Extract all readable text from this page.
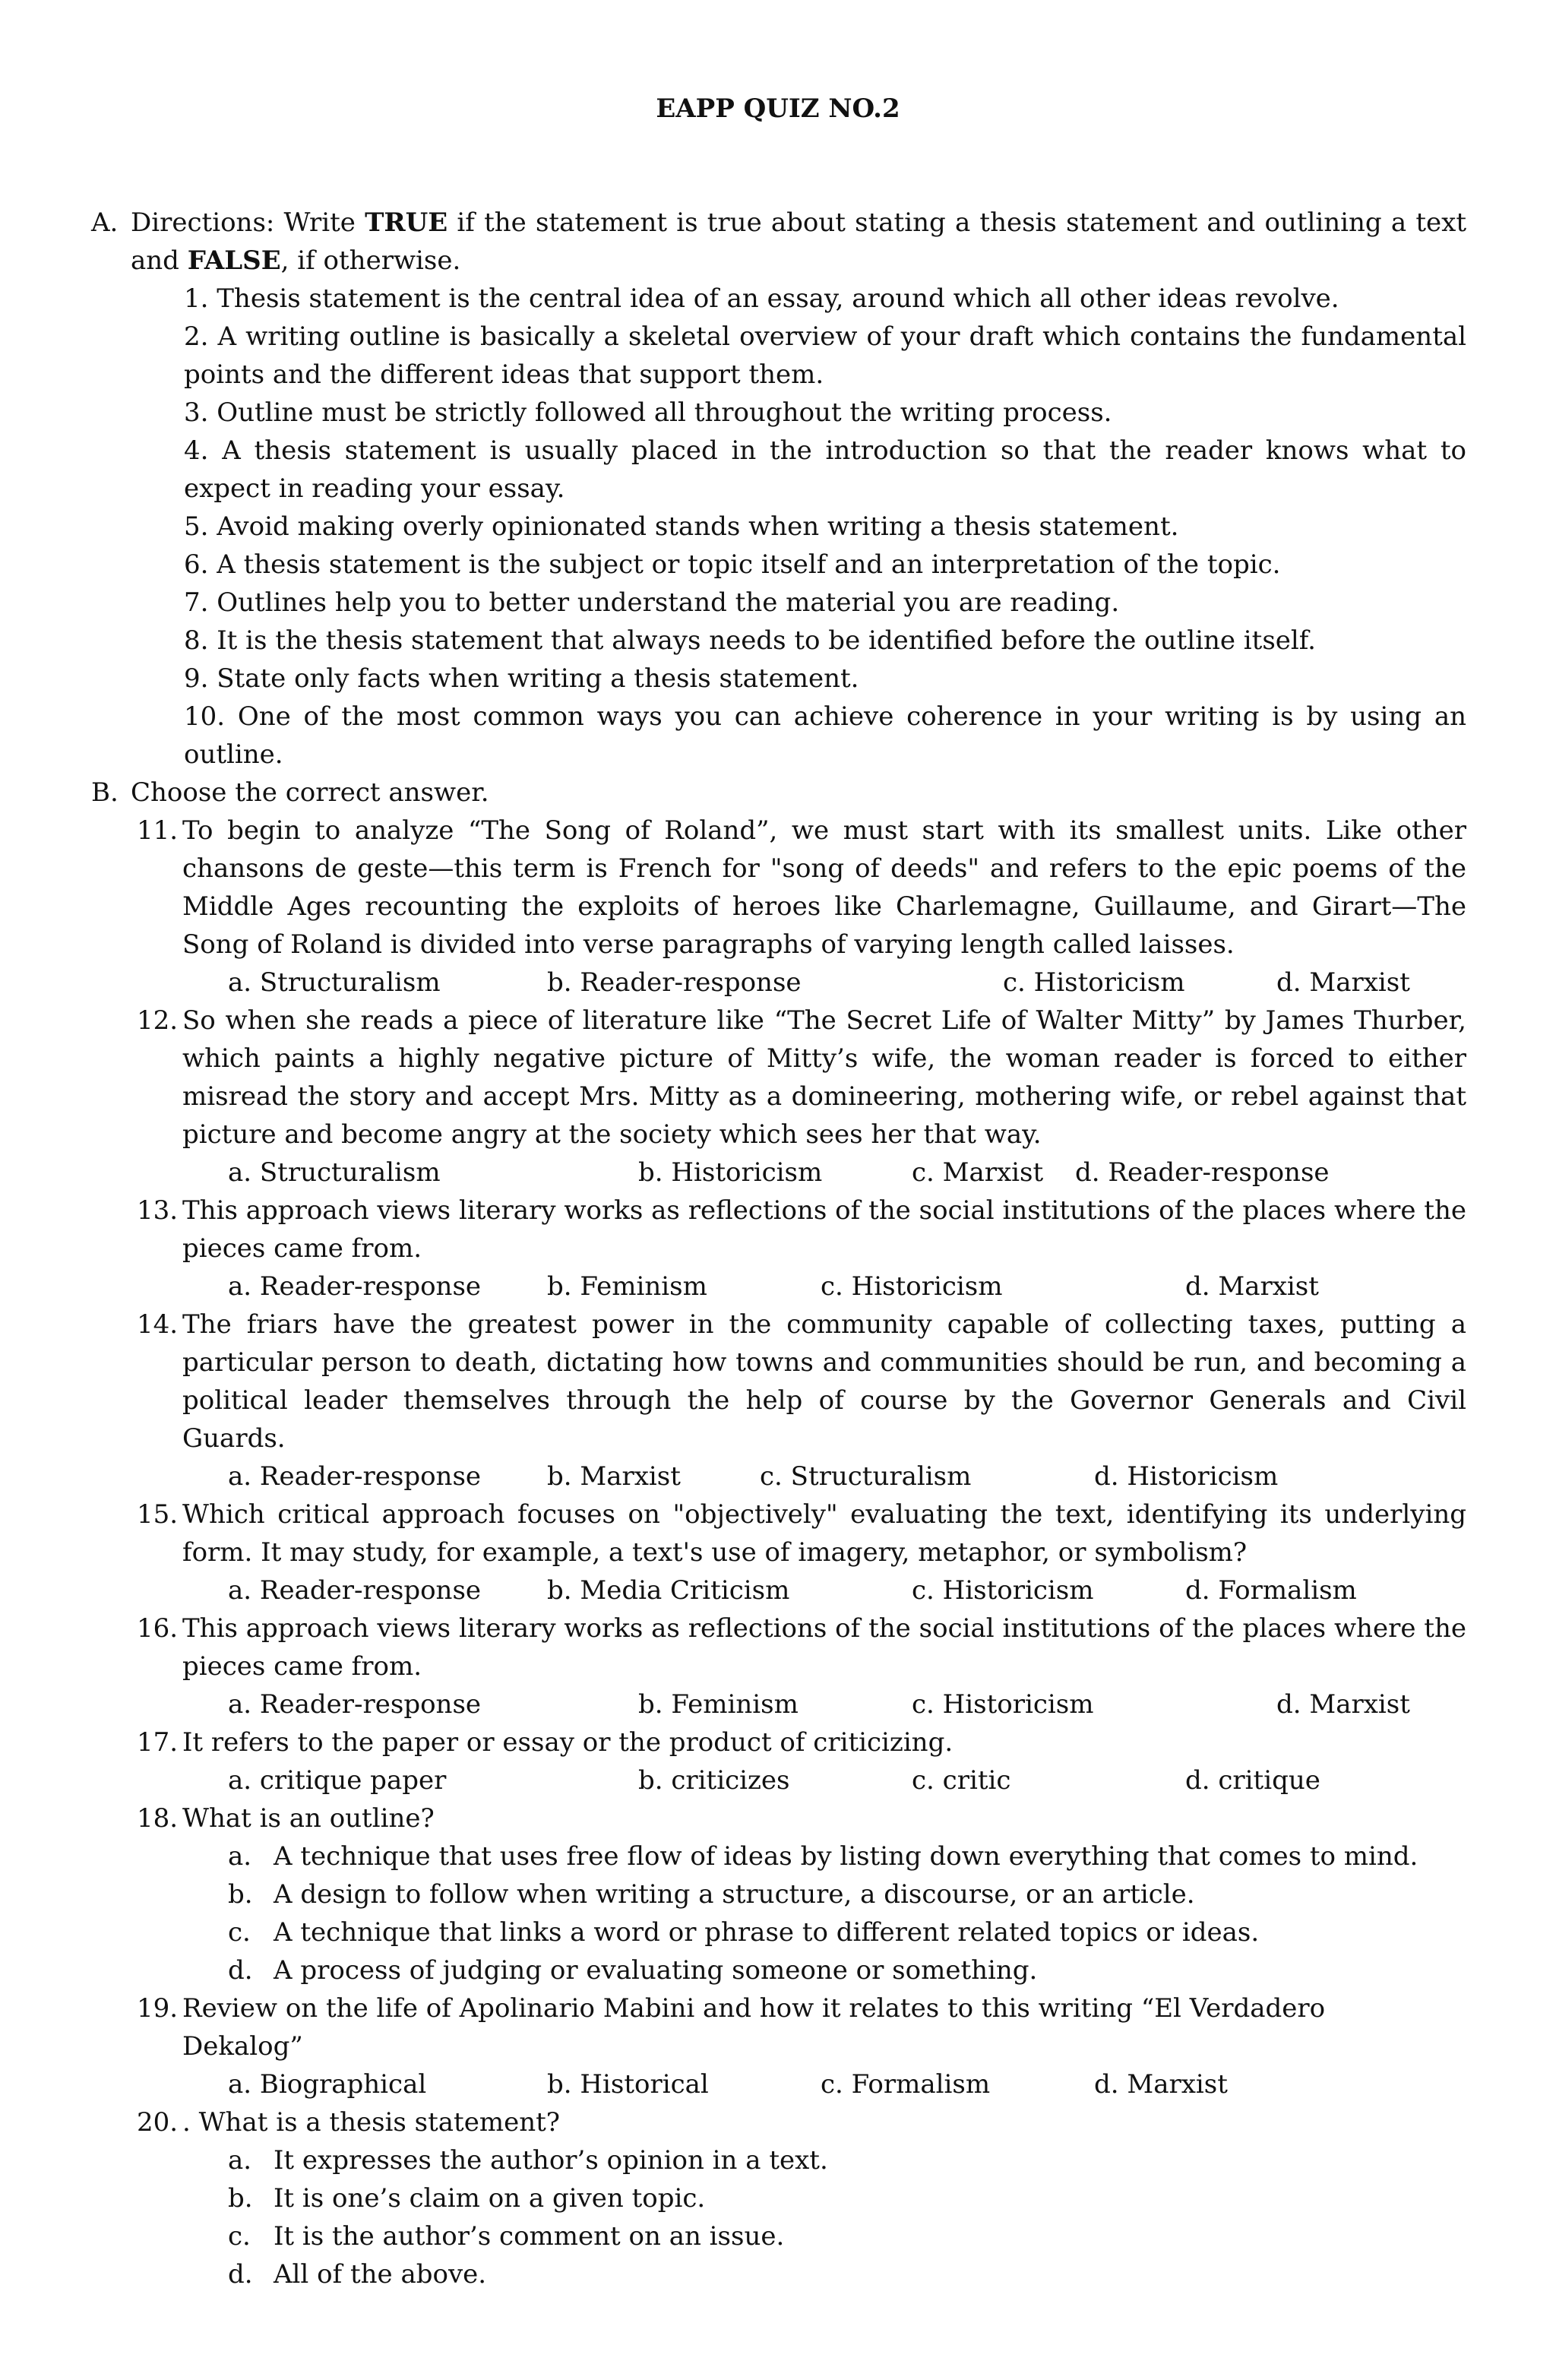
EAPP QUIZ NO.2
A. Directions: Write TRUE if the statement is true about stating a thesis statement and outlining a text and FALSE, if otherwise.
1. Thesis statement is the central idea of an essay, around which all other ideas revolve.
2. A writing outline is basically a skeletal overview of your draft which contains the fundamental points and the different ideas that support them.
3. Outline must be strictly followed all throughout the writing process.
4. A thesis statement is usually placed in the introduction so that the reader knows what to expect in reading your essay.
5. Avoid making overly opinionated stands when writing a thesis statement.
6. A thesis statement is the subject or topic itself and an interpretation of the topic.
7. Outlines help you to better understand the material you are reading.
8. It is the thesis statement that always needs to be identified before the outline itself.
9. State only facts when writing a thesis statement.
10. One of the most common ways you can achieve coherence in your writing is by using an outline.
B. Choose the correct answer.
11. To begin to analyze “The Song of Roland”, we must start with its smallest units. Like other chansons de geste—this term is French for "song of deeds" and refers to the epic poems of the Middle Ages recounting the exploits of heroes like Charlemagne, Guillaume, and Girart—The Song of Roland is divided into verse paragraphs of varying length called laisses.
a. Structuralism	b. Reader-response	c. Historicism	d. Marxist
12. So when she reads a piece of literature like “The Secret Life of Walter Mitty” by James Thurber, which paints a highly negative picture of Mitty’s wife, the woman reader is forced to either misread the story and accept Mrs. Mitty as a domineering, mothering wife, or rebel against that picture and become angry at the society which sees her that way.
a. Structuralism	b. Historicism	c. Marxist d. Reader-response
13. This approach views literary works as reflections of the social institutions of the places where the pieces came from.
a. Reader-response	b. Feminism	c. Historicism	d. Marxist
14. The friars have the greatest power in the community capable of collecting taxes, putting a particular person to death, dictating how towns and communities should be run, and becoming a political leader themselves through the help of course by the Governor Generals and Civil Guards.
a. Reader-response	b. Marxist	c. Structuralism	d. Historicism
15. Which critical approach focuses on "objectively" evaluating the text, identifying its underlying form. It may study, for example, a text's use of imagery, metaphor, or symbolism?
a. Reader-response	b. Media Criticism	c. Historicism	d. Formalism
16. This approach views literary works as reflections of the social institutions of the places where the pieces came from.
a. Reader-response	b. Feminism	c. Historicism	d. Marxist
17. It refers to the paper or essay or the product of criticizing.
a. critique paper	b. criticizes	c. critic	d. critique
18. What is an outline?
a. A technique that uses free flow of ideas by listing down everything that comes to mind.
b. A design to follow when writing a structure, a discourse, or an article.
c. A technique that links a word or phrase to different related topics or ideas.
d. A process of judging or evaluating someone or something.
19. Review on the life of Apolinario Mabini and how it relates to this writing “El Verdadero Dekalog”
a. Biographical	b. Historical	c. Formalism	d. Marxist
20. . What is a thesis statement?
a. It expresses the author’s opinion in a text.
b. It is one’s claim on a given topic.
c. It is the author’s comment on an issue.
d. All of the above.
